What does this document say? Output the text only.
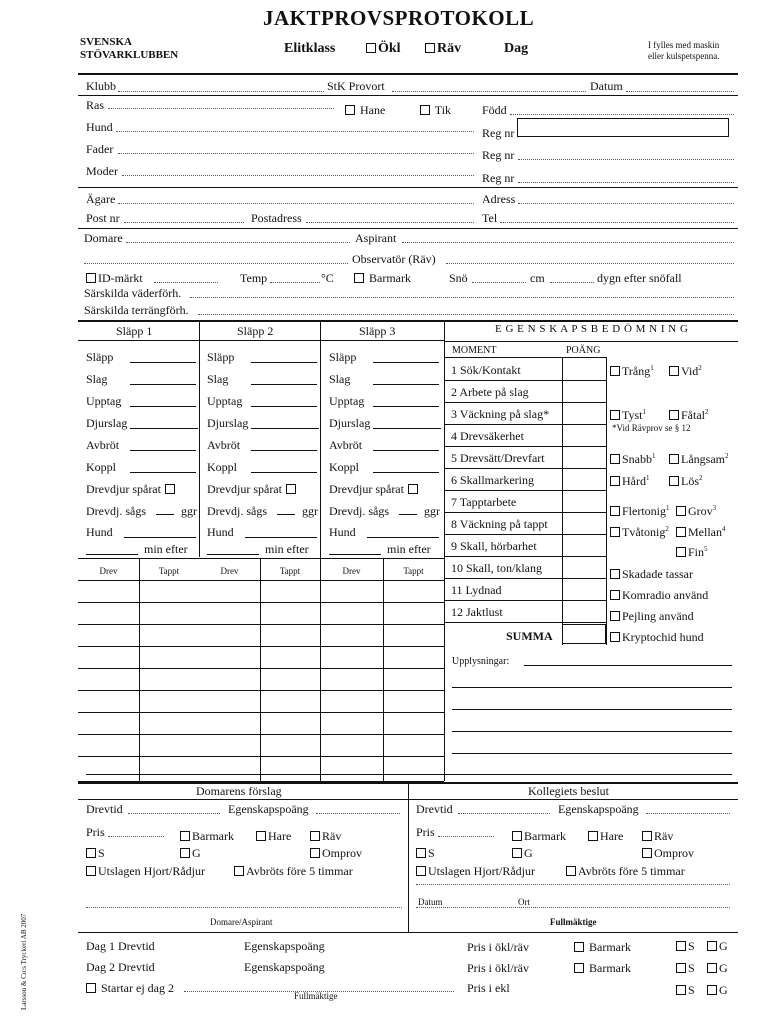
JAKTPROVSPROTOKOLL
SVENSKA
STÖVARKLUBBEN	Elitklass	Ökl	Räv	Dag	I fylles med maskin
eller kulspetspenna.
Klubb	StK Provort	Datum
Ras	Hane	Tik	Född
Hund	Reg nr
Fader	Reg nr
Moder	Reg nr
Ägare	Adress
Post nr	Postadress	Tel
Domare	Aspirant
Observatör (Räv)
ID-märkt	Temp	°C	Barmark	Snö	cm	dygn efter snöfall
Särskilda väderförh.
Särskilda terrängförh.
Släpp 1
Släpp
Slag
Upptag
Djurslag
Avbröt
Koppl
Drevdjur spårat
Drevdj. sågs	ggr
Hund
min efter
Släpp 2
Släpp
Slag
Upptag
Djurslag
Avbröt
Koppl
Drevdjur spårat
Drevdj. sågs	ggr
Hund
min efter
Släpp 3
Släpp
Slag
Upptag
Djurslag
Avbröt
Koppl
Drevdjur spårat
Drevdj. sågs	ggr
Hund
min efter
Drev	Tappt	Drev	Tappt	Drev	Tappt
E G E N S K A P S B E D Ö M N I N G
MOMENT	POÄNG
1 Sök/Kontakt
2 Arbete på slag
3 Väckning på slag*
4 Drevsäkerhet
5 Drevsätt/Drevfart
6 Skallmarkering
7 Tapptarbete
8 Väckning på tappt
9 Skall, hörbarhet
10 Skall, ton/klang
11 Lydnad
12 Jaktlust
SUMMA
Trång$^1$	Vid$^2$
Tyst$^1$	Fåtal$^2$
*Vid Rävprov se § 12
Snabb$^1$	Långsam$^2$
Hård$^1$	Lös$^2$
Flertonig$^1$	Grov$^3$
Tvåtonig$^2$	Mellan$^4$
Fin$^5$
Skadade tassar
Komradio använd
Pejling använd
Kryptochid hund
Upplysningar:
Domarens förslag	Kollegiets beslut
Drevtid	Egenskapspoäng
Pris	Barmark	Hare	Räv
S	G	Omprov
Utslagen Hjort/Rådjur	Avbröts före 5 timmar
Drevtid	Egenskapspoäng
Pris	Barmark	Hare	Räv
S	G	Omprov
Utslagen Hjort/Rådjur	Avbröts före 5 timmar
Domare/Aspirant
Datum	Ort
Fullmäktige
Dag 1 Drevtid	Egenskapspoäng	Pris i ökl/räv	Barmark	S	G
Dag 2 Drevtid	Egenskapspoäng	Pris i ökl/räv	Barmark	S	G
Startar ej dag 2
Fullmäktige
Pris i ekl	S	G
Larsson & Co:s Tryckeri AB 2007
